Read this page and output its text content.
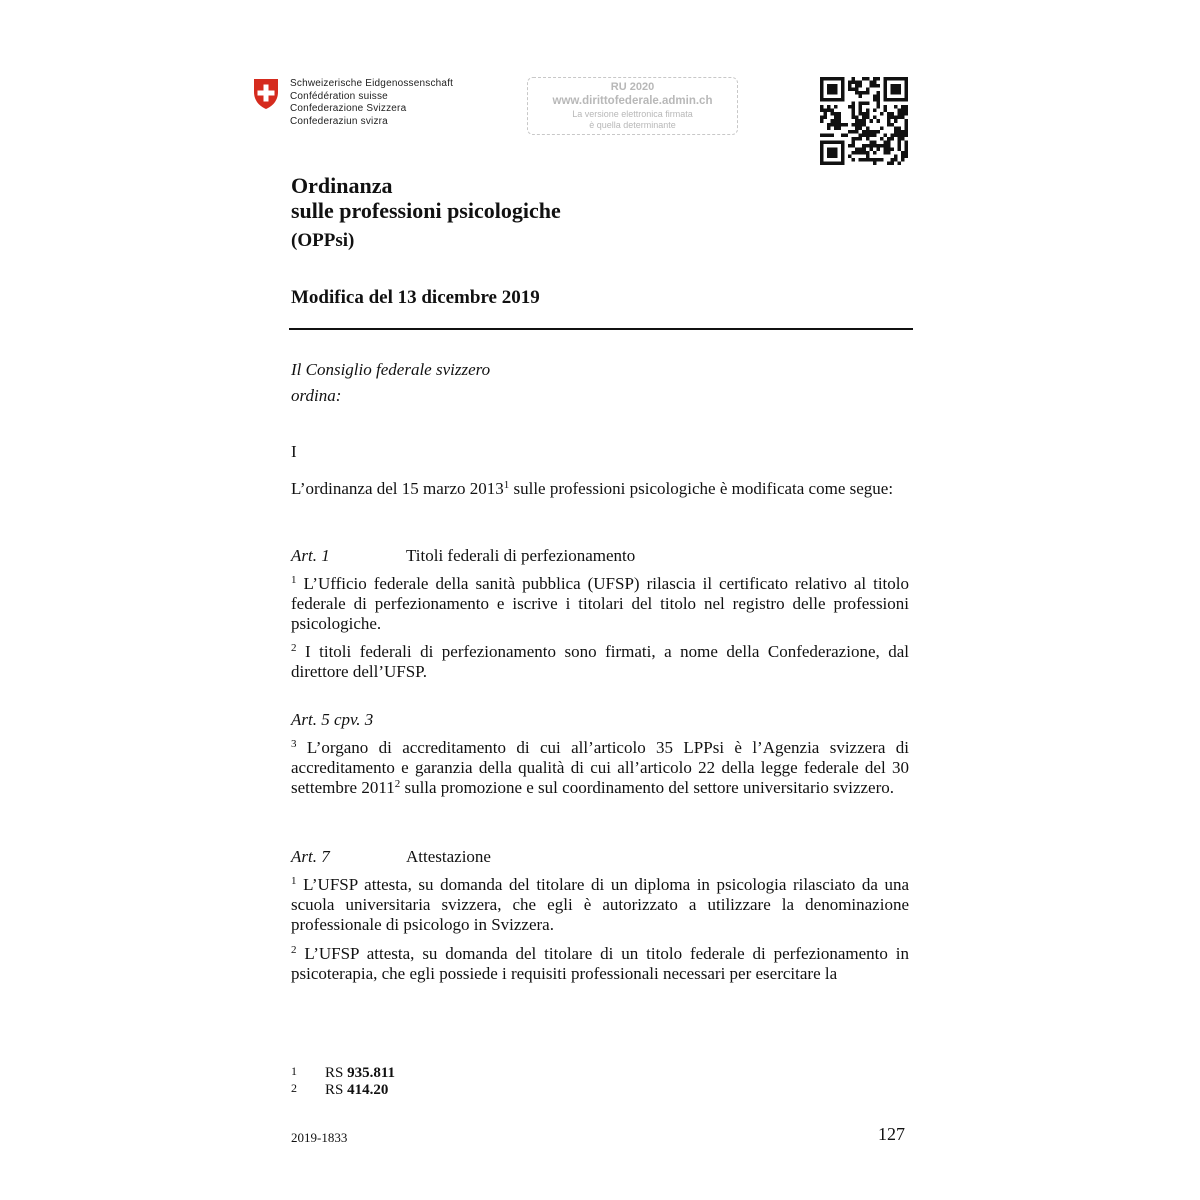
Schweizerische Eidgenossenschaft
Confédération suisse
Confederazione Svizzera
Confederaziun svizra
RU 2020
www.dirittofederale.admin.ch
La versione elettronica firmata
è quella determinante
Ordinanza
sulle professioni psicologiche
(OPPsi)
Modifica del 13 dicembre 2019
Il Consiglio federale svizzero
ordina:
I
L’ordinanza del 15 marzo 2013$^1$ sulle professioni psicologiche è modificata come segue:
Art. 1	Titoli federali di perfezionamento
$^1$ L’Ufficio federale della sanità pubblica (UFSP) rilascia il certificato relativo al titolo federale di perfezionamento e iscrive i titolari del titolo nel registro delle professioni psicologiche.
$^2$ I titoli federali di perfezionamento sono firmati, a nome della Confederazione, dal direttore dell’UFSP.
Art. 5 cpv. 3
$^3$ L’organo di accreditamento di cui all’articolo 35 LPPsi è l’Agenzia svizzera di accreditamento e garanzia della qualità di cui all’articolo 22 della legge federale del 30 settembre 2011$^2$ sulla promozione e sul coordinamento del settore universitario svizzero.
Art. 7	Attestazione
$^1$ L’UFSP attesta, su domanda del titolare di un diploma in psicologia rilasciato da una scuola universitaria svizzera, che egli è autorizzato a utilizzare la denominazione professionale di psicologo in Svizzera.
$^2$ L’UFSP attesta, su domanda del titolare di un titolo federale di perfezionamento in psicoterapia, che egli possiede i requisiti professionali necessari per esercitare la
1 RS 935.811
2 RS 414.20
2019-1833	127
